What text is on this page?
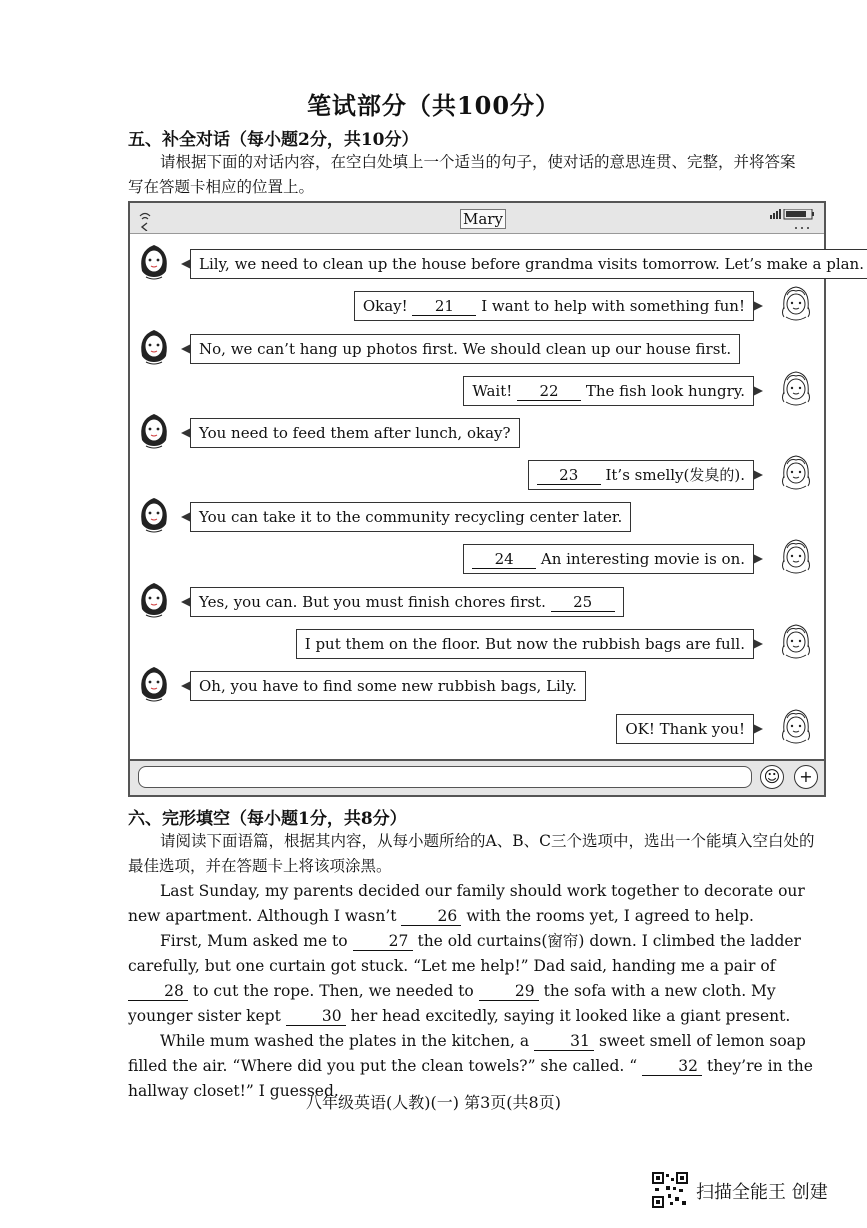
笔试部分（共100分）
五、补全对话（每小题2分，共10分）
请根据下面的对话内容，在空白处填上一个适当的句子，使对话的意思连贯、完整，并将答案
写在答题卡相应的位置上。
Mary
Lily, we need to clean up the house before grandma visits tomorrow. Let’s make a plan.
Okay! 21 I want to help with something fun!
No, we can’t hang up photos first. We should clean up our house first.
Wait! 22 The fish look hungry.
You need to feed them after lunch, okay?
23 It’s smelly(发臭的).
You can take it to the community recycling center later.
24 An interesting movie is on.
Yes, you can. But you must finish chores first. 25
I put them on the floor. But now the rubbish bags are full.
Oh, you have to find some new rubbish bags, Lily.
OK! Thank you!
☺	+
六、完形填空（每小题1分，共8分）
请阅读下面语篇，根据其内容，从每小题所给的A、B、C三个选项中，选出一个能填入空白处的
最佳选项，并在答题卡上将该项涂黑。
Last Sunday, my parents decided our family should work together to decorate our new apartment. Although I wasn’t 26 with the rooms yet, I agreed to help.
First, Mum asked me to 27 the old curtains(窗帘) down. I climbed the ladder carefully, but one curtain got stuck. “Let me help!” Dad said, handing me a pair of 28 to cut the rope. Then, we needed to 29 the sofa with a new cloth. My younger sister kept 30 her head excitedly, saying it looked like a giant present.
While mum washed the plates in the kitchen, a 31 sweet smell of lemon soap filled the air. “Where did you put the clean towels?” she called. “ 32 they’re in the hallway closet!” I guessed.
八年级英语(人教)(一) 第3页(共8页)
扫描全能王 创建
